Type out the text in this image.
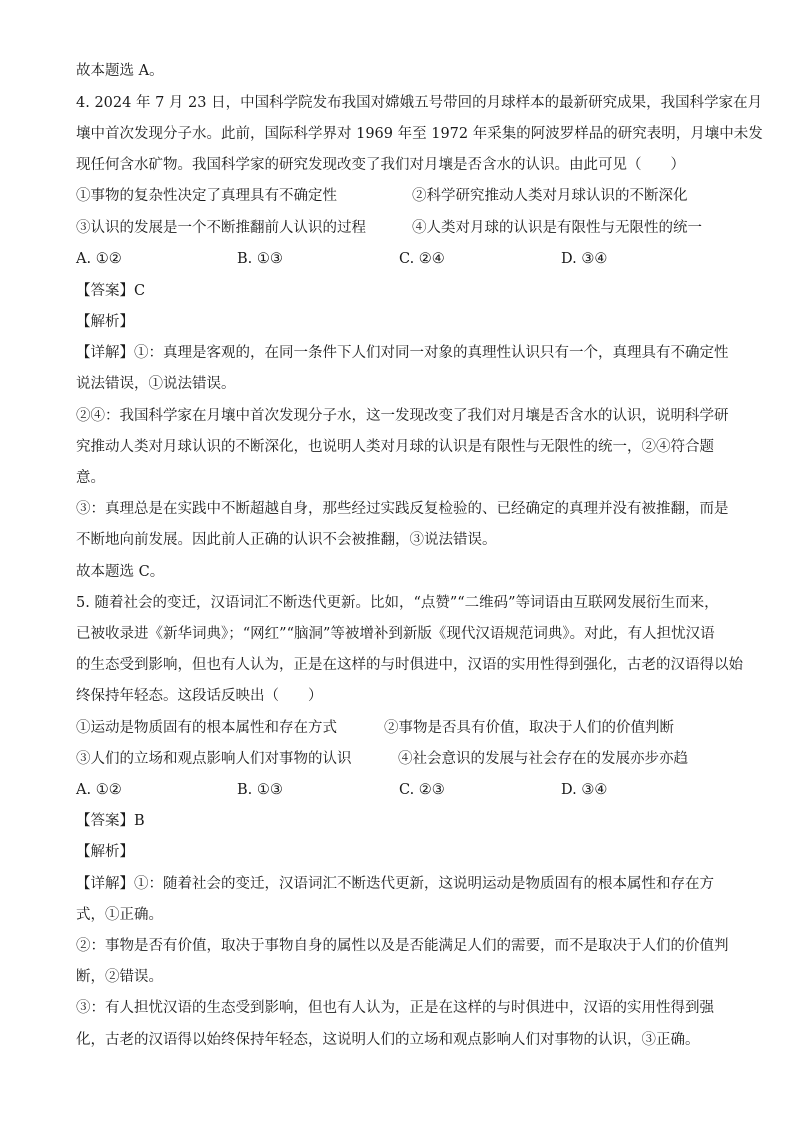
故本题选 A。
4. 2024 年 7 月 23 日，中国科学院发布我国对嫦娥五号带回的月球样本的最新研究成果，我国科学家在月
壤中首次发现分子水。此前，国际科学界对 1969 年至 1972 年采集的阿波罗样品的研究表明，月壤中未发
现任何含水矿物。我国科学家的研究发现改变了我们对月壤是否含水的认识。由此可见（　　）
①事物的复杂性决定了真理具有不确定性	②科学研究推动人类对月球认识的不断深化
③认识的发展是一个不断推翻前人认识的过程	④人类对月球的认识是有限性与无限性的统一
A. ①②	B. ①③	C. ②④	D. ③④
【答案】C
【解析】
【详解】①：真理是客观的，在同一条件下人们对同一对象的真理性认识只有一个，真理具有不确定性
说法错误，①说法错误。
②④：我国科学家在月壤中首次发现分子水，这一发现改变了我们对月壤是否含水的认识，说明科学研
究推动人类对月球认识的不断深化，也说明人类对月球的认识是有限性与无限性的统一，②④符合题
意。
③：真理总是在实践中不断超越自身，那些经过实践反复检验的、已经确定的真理并没有被推翻，而是
不断地向前发展。因此前人正确的认识不会被推翻，③说法错误。
故本题选 C。
5. 随着社会的变迁，汉语词汇不断迭代更新。比如，“点赞”“二维码”等词语由互联网发展衍生而来，
已被收录进《新华词典》；“网红”“脑洞”等被增补到新版《现代汉语规范词典》。对此，有人担忧汉语
的生态受到影响，但也有人认为，正是在这样的与时俱进中，汉语的实用性得到强化，古老的汉语得以始
终保持年轻态。这段话反映出（　　）
①运动是物质固有的根本属性和存在方式	②事物是否具有价值，取决于人们的价值判断
③人们的立场和观点影响人们对事物的认识	④社会意识的发展与社会存在的发展亦步亦趋
A. ①②	B. ①③	C. ②③	D. ③④
【答案】B
【解析】
【详解】①：随着社会的变迁，汉语词汇不断迭代更新，这说明运动是物质固有的根本属性和存在方
式，①正确。
②：事物是否有价值，取决于事物自身的属性以及是否能满足人们的需要，而不是取决于人们的价值判
断，②错误。
③：有人担忧汉语的生态受到影响，但也有人认为，正是在这样的与时俱进中，汉语的实用性得到强
化，古老的汉语得以始终保持年轻态，这说明人们的立场和观点影响人们对事物的认识，③正确。
